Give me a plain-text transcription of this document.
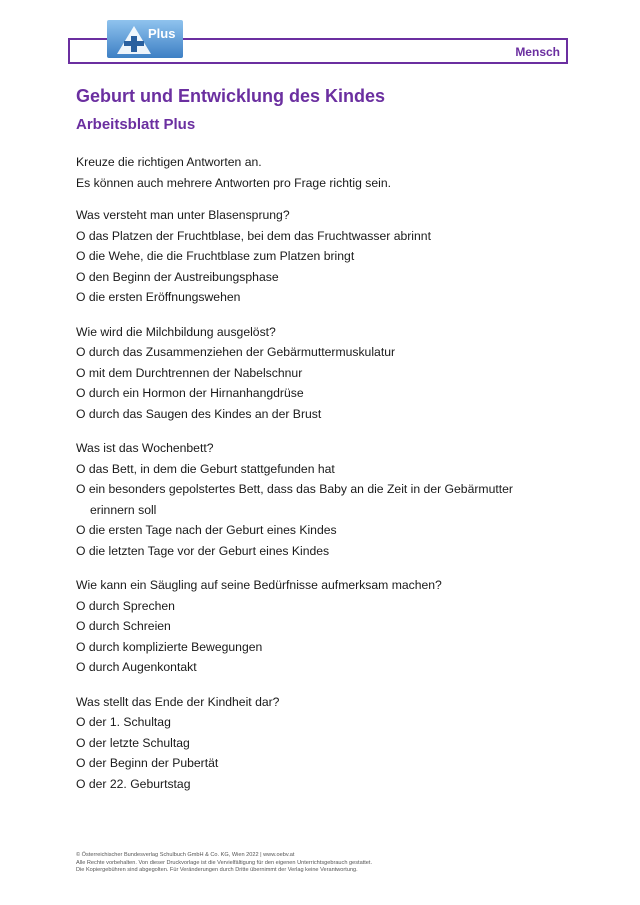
Mensch
Plus
Geburt und Entwicklung des Kindes
Arbeitsblatt Plus
Kreuze die richtigen Antworten an.
Es können auch mehrere Antworten pro Frage richtig sein.
Was versteht man unter Blasensprung?
O das Platzen der Fruchtblase, bei dem das Fruchtwasser abrinnt
O die Wehe, die die Fruchtblase zum Platzen bringt
O den Beginn der Austreibungsphase
O die ersten Eröffnungswehen
Wie wird die Milchbildung ausgelöst?
O durch das Zusammenziehen der Gebärmuttermuskulatur
O mit dem Durchtrennen der Nabelschnur
O durch ein Hormon der Hirnanhangdrüse
O durch das Saugen des Kindes an der Brust
Was ist das Wochenbett?
O das Bett, in dem die Geburt stattgefunden hat
O ein besonders gepolstertes Bett, dass das Baby an die Zeit in der Gebärmutter
erinnern soll
O die ersten Tage nach der Geburt eines Kindes
O die letzten Tage vor der Geburt eines Kindes
Wie kann ein Säugling auf seine Bedürfnisse aufmerksam machen?
O durch Sprechen
O durch Schreien
O durch komplizierte Bewegungen
O durch Augenkontakt
Was stellt das Ende der Kindheit dar?
O der 1. Schultag
O der letzte Schultag
O der Beginn der Pubertät
O der 22. Geburtstag
© Österreichischer Bundesverlag Schulbuch GmbH & Co. KG, Wien 2022 | www.oebv.at
Alle Rechte vorbehalten. Von dieser Druckvorlage ist die Vervielfältigung für den eigenen Unterrichtsgebrauch gestattet.
Die Kopiergebühren sind abgegolten. Für Veränderungen durch Dritte übernimmt der Verlag keine Verantwortung.
